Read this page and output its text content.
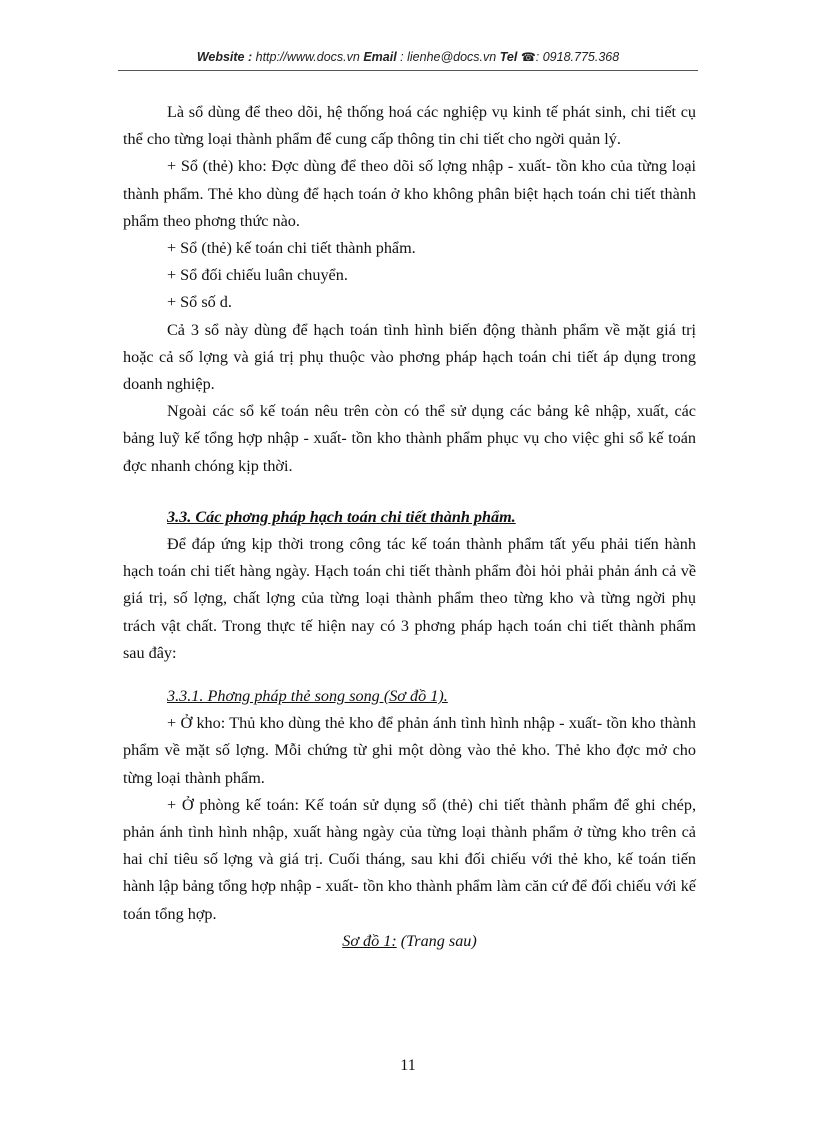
Website : http://www.docs.vn Email : lienhe@docs.vn Tel ☎: 0918.775.368

Là sổ dùng để theo dõi, hệ thống hoá các nghiệp vụ kinh tế phát sinh, chi tiết cụ thể cho từng loại thành phẩm để cung cấp thông tin chi tiết cho ngời quản lý.

+ Sổ (thẻ) kho: Đợc dùng để theo dõi số lợng nhập - xuất- tồn kho của từng loại thành phẩm. Thẻ kho dùng để hạch toán ở kho không phân biệt hạch toán chi tiết thành phẩm theo phơng thức nào.

+ Sổ (thẻ) kế toán chi tiết thành phẩm.

+ Sổ đối chiếu luân chuyển.

+ Sổ số d.

Cả 3 sổ này dùng để hạch toán tình hình biến động thành phẩm về mặt giá trị hoặc cả số lợng và giá trị phụ thuộc vào phơng pháp hạch toán chi tiết áp dụng trong doanh nghiệp.

Ngoài các sổ kế toán nêu trên còn có thể sử dụng các bảng kê nhập, xuất, các bảng luỹ kế tổng hợp nhập - xuất- tồn kho thành phẩm phục vụ cho việc ghi sổ kế toán đợc nhanh chóng kịp thời.

3.3. Các phơng pháp hạch toán chi tiết thành phẩm.

Để đáp ứng kịp thời trong công tác kế toán thành phẩm tất yếu phải tiến hành hạch toán chi tiết hàng ngày. Hạch toán chi tiết thành phẩm đòi hỏi phải phản ánh cả về giá trị, số lợng, chất lợng của từng loại thành phẩm theo từng kho và từng ngời phụ trách vật chất. Trong thực tế hiện nay có 3 phơng pháp hạch toán chi tiết thành phẩm sau đây:

3.3.1. Phơng pháp thẻ song song (Sơ đồ 1).

+ Ở kho: Thủ kho dùng thẻ kho để phản ánh tình hình nhập - xuất- tồn kho thành phẩm về mặt số lợng. Mỗi chứng từ ghi một dòng vào thẻ kho. Thẻ kho đợc mở cho từng loại thành phẩm.

+ Ở phòng kế toán: Kế toán sử dụng sổ (thẻ) chi tiết thành phẩm để ghi chép, phản ánh tình hình nhập, xuất hàng ngày của từng loại thành phẩm ở từng kho trên cả hai chỉ tiêu số lợng và giá trị. Cuối tháng, sau khi đối chiếu với thẻ kho, kế toán tiến hành lập bảng tổng hợp nhập - xuất- tồn kho thành phẩm làm căn cứ để đối chiếu với kế toán tổng hợp.

Sơ đồ 1: (Trang sau)

11
